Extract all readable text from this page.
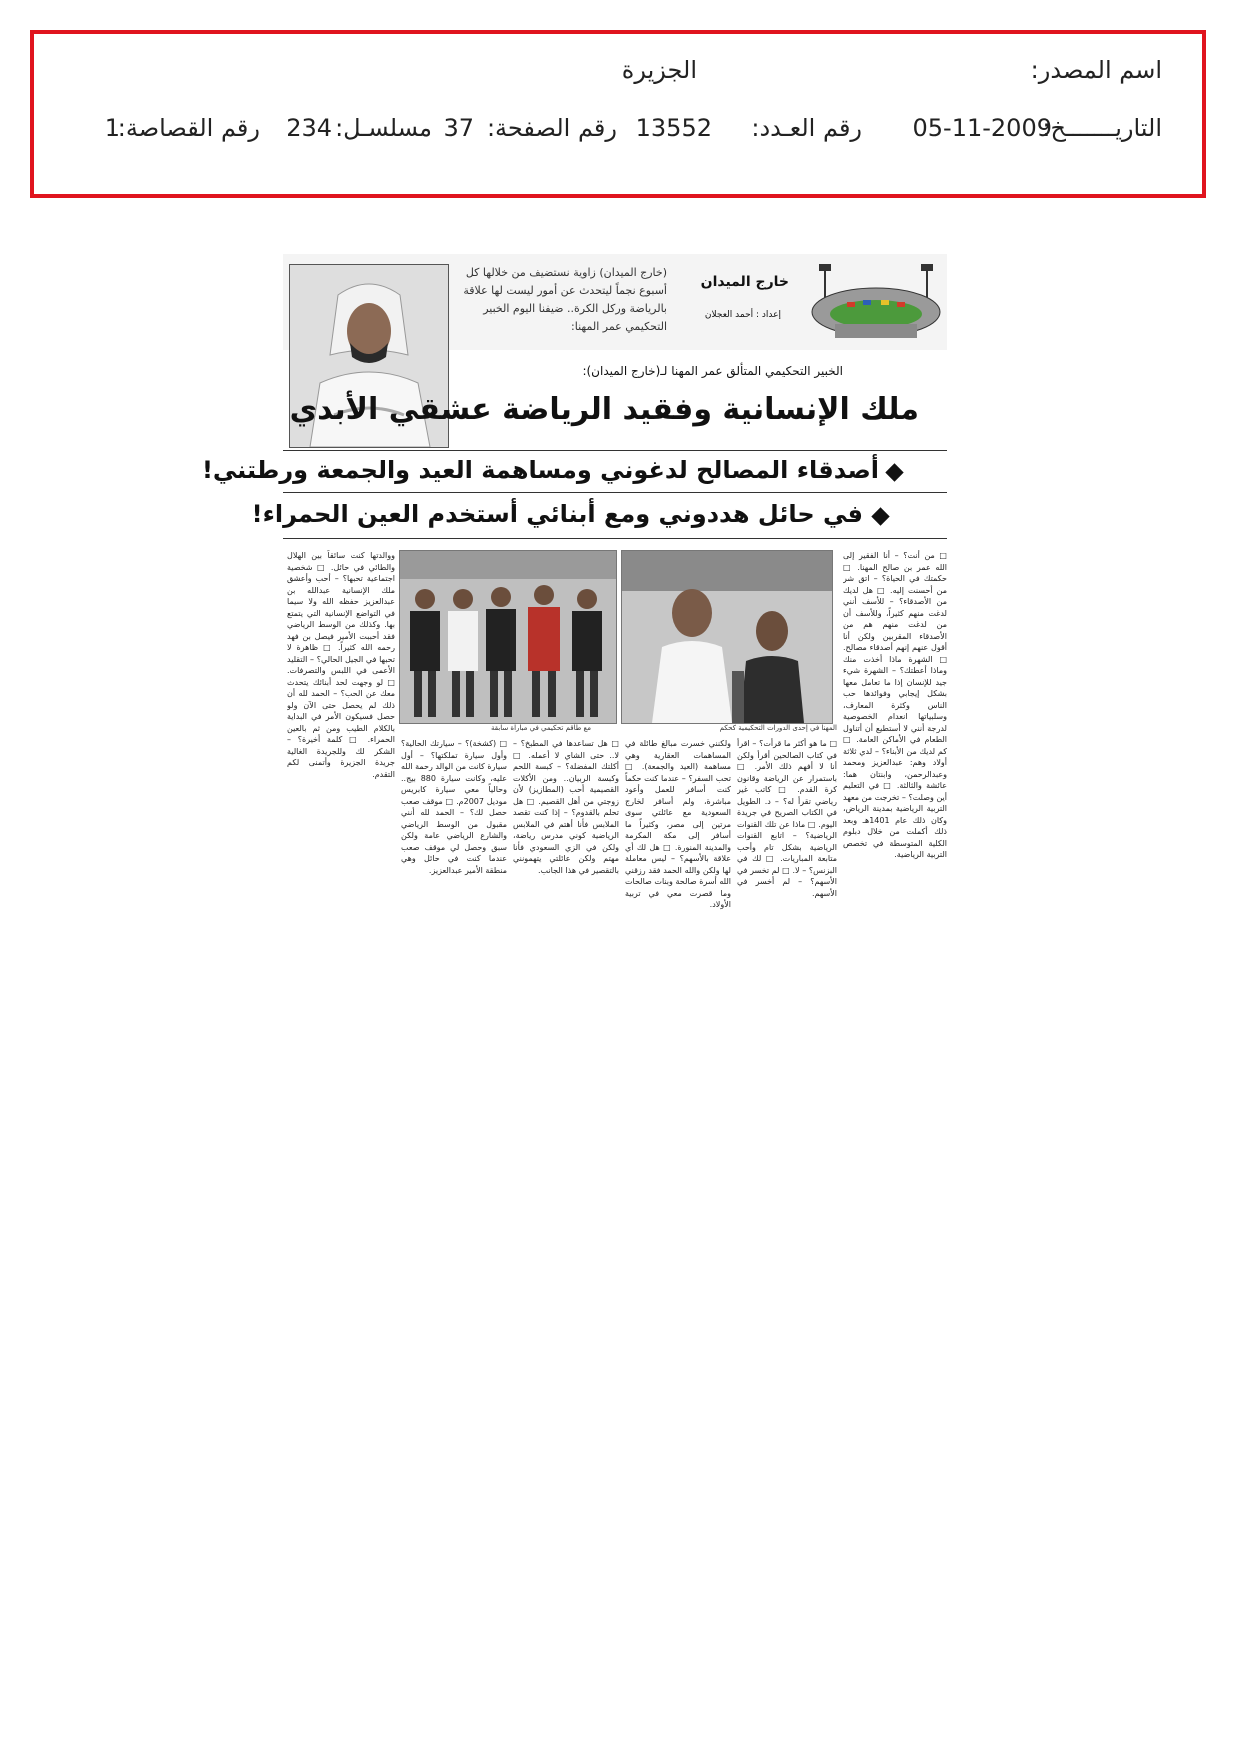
اسم المصدر:
الجزيرة
التاريـــــــخ:
05-11-2009
رقم العـدد:
13552
رقم الصفحة:
37
مسلسـل:
234
رقم القصاصة:
1
خارج الميدان
إعداد : أحمد العجلان
(خارج الميدان) زاوية نستضيف من خلالها كل أسبوع نجماً ليتحدث عن أمور ليست لها علاقة بالرياضة وركل الكرة.. ضيفنا اليوم الخبير التحكيمي عمر المهنا:
الخبير التحكيمي المتألق عمر المهنا لـ(خارج الميدان):
ملك الإنسانية وفقيد الرياضة عشقي الأبدي
أصدقاء المصالح لدغوني ومساهمة العيد والجمعة ورطتني!
في حائل هددوني ومع أبنائي أستخدم العين الحمراء!
□ من أنت؟ – أنا الفقير إلى الله عمر بن صالح المهنا. □ حكمتك في الحياة؟ – اتق شر من أحسنت إليه. □ هل لديك من الأصدقاء؟ – للأسف أنني لدغت منهم كثيراً، وللأسف أن من لدغت منهم هم من الأصدقاء المقربين ولكن أنا أقول عنهم إنهم أصدقاء مصالح. □ الشهرة ماذا أخذت منك وماذا أعطتك؟ – الشهرة شيء جيد للإنسان إذا ما تعامل معها بشكل إيجابي وفوائدها حب الناس وكثرة المعارف، وسلبياتها انعدام الخصوصية لدرجة أنني لا أستطيع أن أتناول الطعام في الأماكن العامة. □ كم لديك من الأبناء؟ – لدي ثلاثة أولاد وهم: عبدالعزيز ومحمد وعبدالرحمن، وابنتان هما: عائشة والثالثة. □ في التعليم أين وصلت؟ – تخرجت من معهد التربية الرياضية بمدينة الرياض، وكان ذلك عام 1401هـ وبعد ذلك أكملت من خلال دبلوم الكلية المتوسطة في تخصص التربية الرياضية.
المهنا في إحدى الدورات التحكيمية كحكم
مع طاقم تحكيمي في مباراة سابقة
□ ما هو أكثر ما قرأت؟ – اقرأ في كتاب الصالحين أقرأ ولكن أنا لا أفهم ذلك الأمر. □ باستمرار عن الرياضة وقانون كرة القدم. □ كاتب غير رياضي تقرأ له؟ – د. الطويل في الكتاب الصريح في جريدة اليوم. □ ماذا عن تلك القنوات الرياضية؟ – اتابع القنوات الرياضية بشكل تام وأحب متابعة المباريات. □ لك في البزنس؟ – لا. □ لم تخسر في الأسهم؟ – لم أخسر في الأسهم.
ولكنني خسرت مبالغ طائلة في المساهمات العقارية وهي مساهمة (العيد والجمعة). □ تحب السفر؟ – عندما كنت حكماً كنت أسافر للعمل وأعود مباشرة، ولم أسافر لخارج السعودية مع عائلتي سوى مرتين إلى مصر، وكثيراً ما أسافر إلى مكة المكرمة والمدينة المنورة. □ هل لك أي علاقة بالأسهم؟ – ليس معاملة لها ولكن والله الحمد فقد رزقني الله أسرة صالحة وبنات صالحات وما قصرت معي في تربية الأولاد.
□ هل تساعدها في المطبخ؟ – لا.. حتى الشاي لا أعمله. □ أكلتك المفضلة؟ – كبسة اللحم وكبسة الربيان.. ومن الأكلات القصيمية أحب (المطازيز) لأن زوجتي من أهل القصيم. □ هل تحلم بالقدوم؟ – إذا كنت تقصد الملابس فأنا أهتم في الملابس الرياضية كوني مدرس رياضة، ولكن في الزي السعودي فأنا مهتم ولكن عائلتي يتهمونني بالتقصير في هذا الجانب.
□ (كشخة)؟ – سيارتك الحالية؟ وأول سيارة تملكتها؟ – أول سيارة كانت من الوالد رحمة الله عليه، وكانت سيارة 880 بيج.. وحالياً معي سيارة كابريس موديل 2007م. □ موقف صعب حصل لك؟ – الحمد لله أنني مقبول من الوسط الرياضي والشارع الرياضي عامة ولكن سبق وحصل لي موقف صعب عندما كنت في حائل وهي منطقة الأمير عبدالعزيز.
ووالدتها كنت سائقاً بين الهلال والطائي في حائل. □ شخصية اجتماعية تحبها؟ – أحب وأعشق ملك الإنسانية عبدالله بن عبدالعزيز حفظه الله ولا سيما في التواضع الإنسانية التي يتمتع بها. وكذلك من الوسط الرياضي فقد أحببت الأمير فيصل بن فهد رحمه الله كثيراً. □ ظاهرة لا تحبها في الجيل الحالي؟ – التقليد الأعمى في اللبس والتصرفات. □ لو وجهت لحد أبنائك يتحدث معك عن الحب؟ – الحمد لله أن ذلك لم يحصل حتى الآن ولو حصل فسيكون الأمر في البداية بالكلام الطيب ومن ثم بالعين الحمراء. □ كلمة أخيرة؟ – الشكر لك وللجريدة الغالية جريدة الجزيرة وأتمنى لكم التقدم.
